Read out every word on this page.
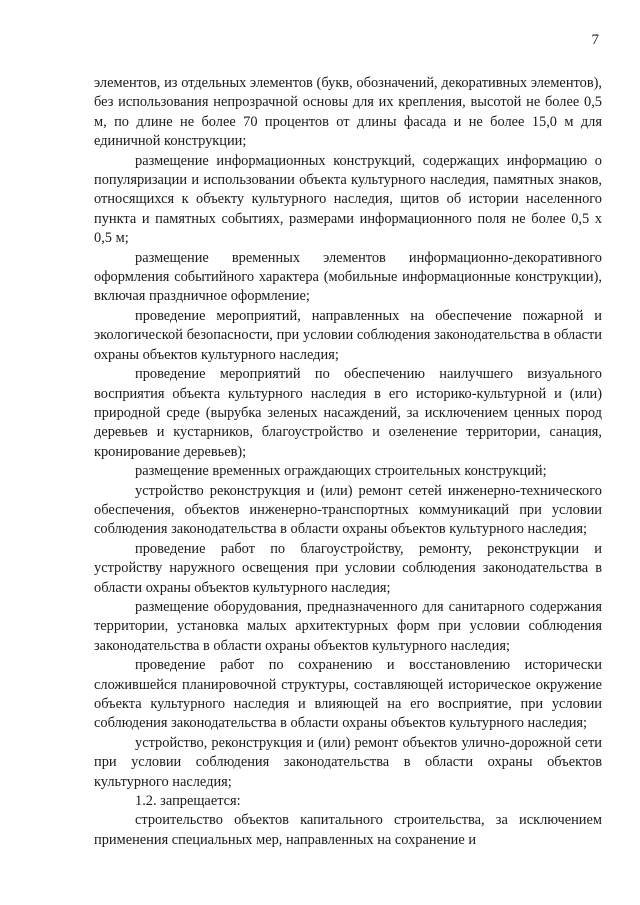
7

элементов, из отдельных элементов (букв, обозначений, декоративных элементов), без использования непрозрачной основы для их крепления, высотой не более 0,5 м, по длине не более 70 процентов от длины фасада и не более 15,0 м для единичной конструкции;

размещение информационных конструкций, содержащих информацию о популяризации и использовании объекта культурного наследия, памятных знаков, относящихся к объекту культурного наследия, щитов об истории населенного пункта и памятных событиях, размерами информационного поля не более 0,5 х 0,5 м;

размещение временных элементов информационно-декоративного оформления событийного характера (мобильные информационные конструкции), включая праздничное оформление;

проведение мероприятий, направленных на обеспечение пожарной и экологической безопасности, при условии соблюдения законодательства в области охраны объектов культурного наследия;

проведение мероприятий по обеспечению наилучшего визуального восприятия объекта культурного наследия в его историко-культурной и (или) природной среде (вырубка зеленых насаждений, за исключением ценных пород деревьев и кустарников, благоустройство и озеленение территории, санация, кронирование деревьев);

размещение временных ограждающих строительных конструкций;

устройство реконструкция и (или) ремонт сетей инженерно-технического обеспечения, объектов инженерно-транспортных коммуникаций при условии соблюдения законодательства в области охраны объектов культурного наследия;

проведение работ по благоустройству, ремонту, реконструкции и устройству наружного освещения при условии соблюдения законодательства в области охраны объектов культурного наследия;

размещение оборудования, предназначенного для санитарного содержания территории, установка малых архитектурных форм при условии соблюдения законодательства в области охраны объектов культурного наследия;

проведение работ по сохранению и восстановлению исторически сложившейся планировочной структуры, составляющей историческое окружение объекта культурного наследия и влияющей на его восприятие, при условии соблюдения законодательства в области охраны объектов культурного наследия;

устройство, реконструкция и (или) ремонт объектов улично-дорожной сети при условии соблюдения законодательства в области охраны объектов культурного наследия;

1.2. запрещается:

строительство объектов капитального строительства, за исключением применения специальных мер, направленных на сохранение и
